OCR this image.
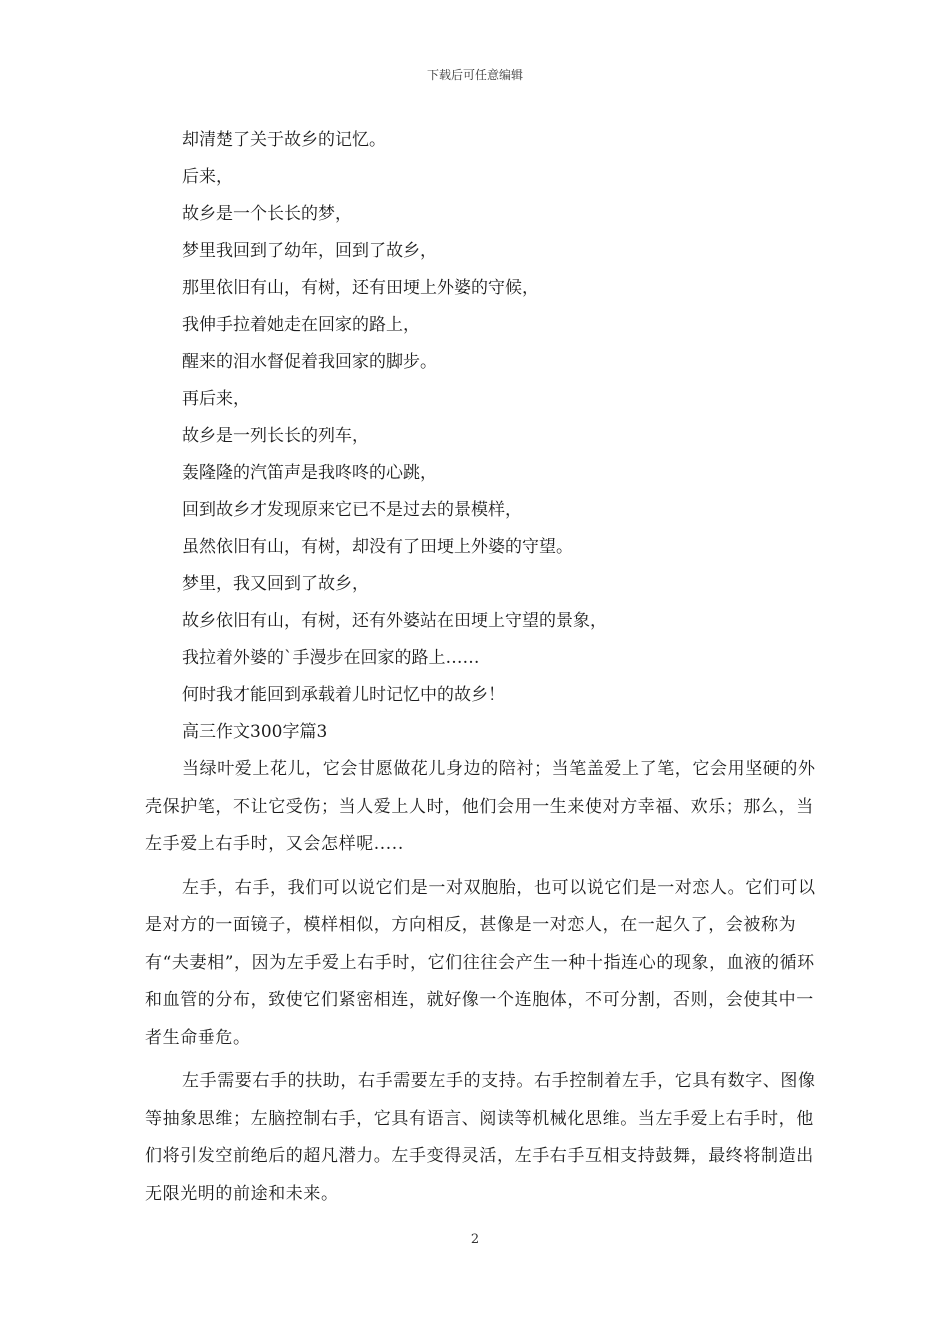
下载后可任意编辑
却清楚了关于故乡的记忆。
后来，
故乡是一个长长的梦，
梦里我回到了幼年，回到了故乡，
那里依旧有山，有树，还有田埂上外婆的守候，
我伸手拉着她走在回家的路上，
醒来的泪水督促着我回家的脚步。
再后来，
故乡是一列长长的列车，
轰隆隆的汽笛声是我咚咚的心跳，
回到故乡才发现原来它已不是过去的景模样，
虽然依旧有山，有树，却没有了田埂上外婆的守望。
梦里，我又回到了故乡，
故乡依旧有山，有树，还有外婆站在田埂上守望的景象，
我拉着外婆的`手漫步在回家的路上……
何时我才能回到承载着儿时记忆中的故乡！
高三作文300字篇3

当绿叶爱上花儿，它会甘愿做花儿身边的陪衬；当笔盖爱上了笔，它会用坚硬的外壳保护笔，不让它受伤；当人爱上人时，他们会用一生来使对方幸福、欢乐；那么，当左手爱上右手时，又会怎样呢.....

左手，右手，我们可以说它们是一对双胞胎，也可以说它们是一对恋人。它们可以是对方的一面镜子，模样相似，方向相反，甚像是一对恋人，在一起久了，会被称为有“夫妻相”，因为左手爱上右手时，它们往往会产生一种十指连心的现象，血液的循环和血管的分布，致使它们紧密相连，就好像一个连胞体，不可分割，否则，会使其中一者生命垂危。

左手需要右手的扶助，右手需要左手的支持。右手控制着左手，它具有数字、图像等抽象思维；左脑控制右手，它具有语言、阅读等机械化思维。当左手爱上右手时，他们将引发空前绝后的超凡潜力。左手变得灵活，左手右手互相支持鼓舞，最终将制造出无限光明的前途和未来。

2
